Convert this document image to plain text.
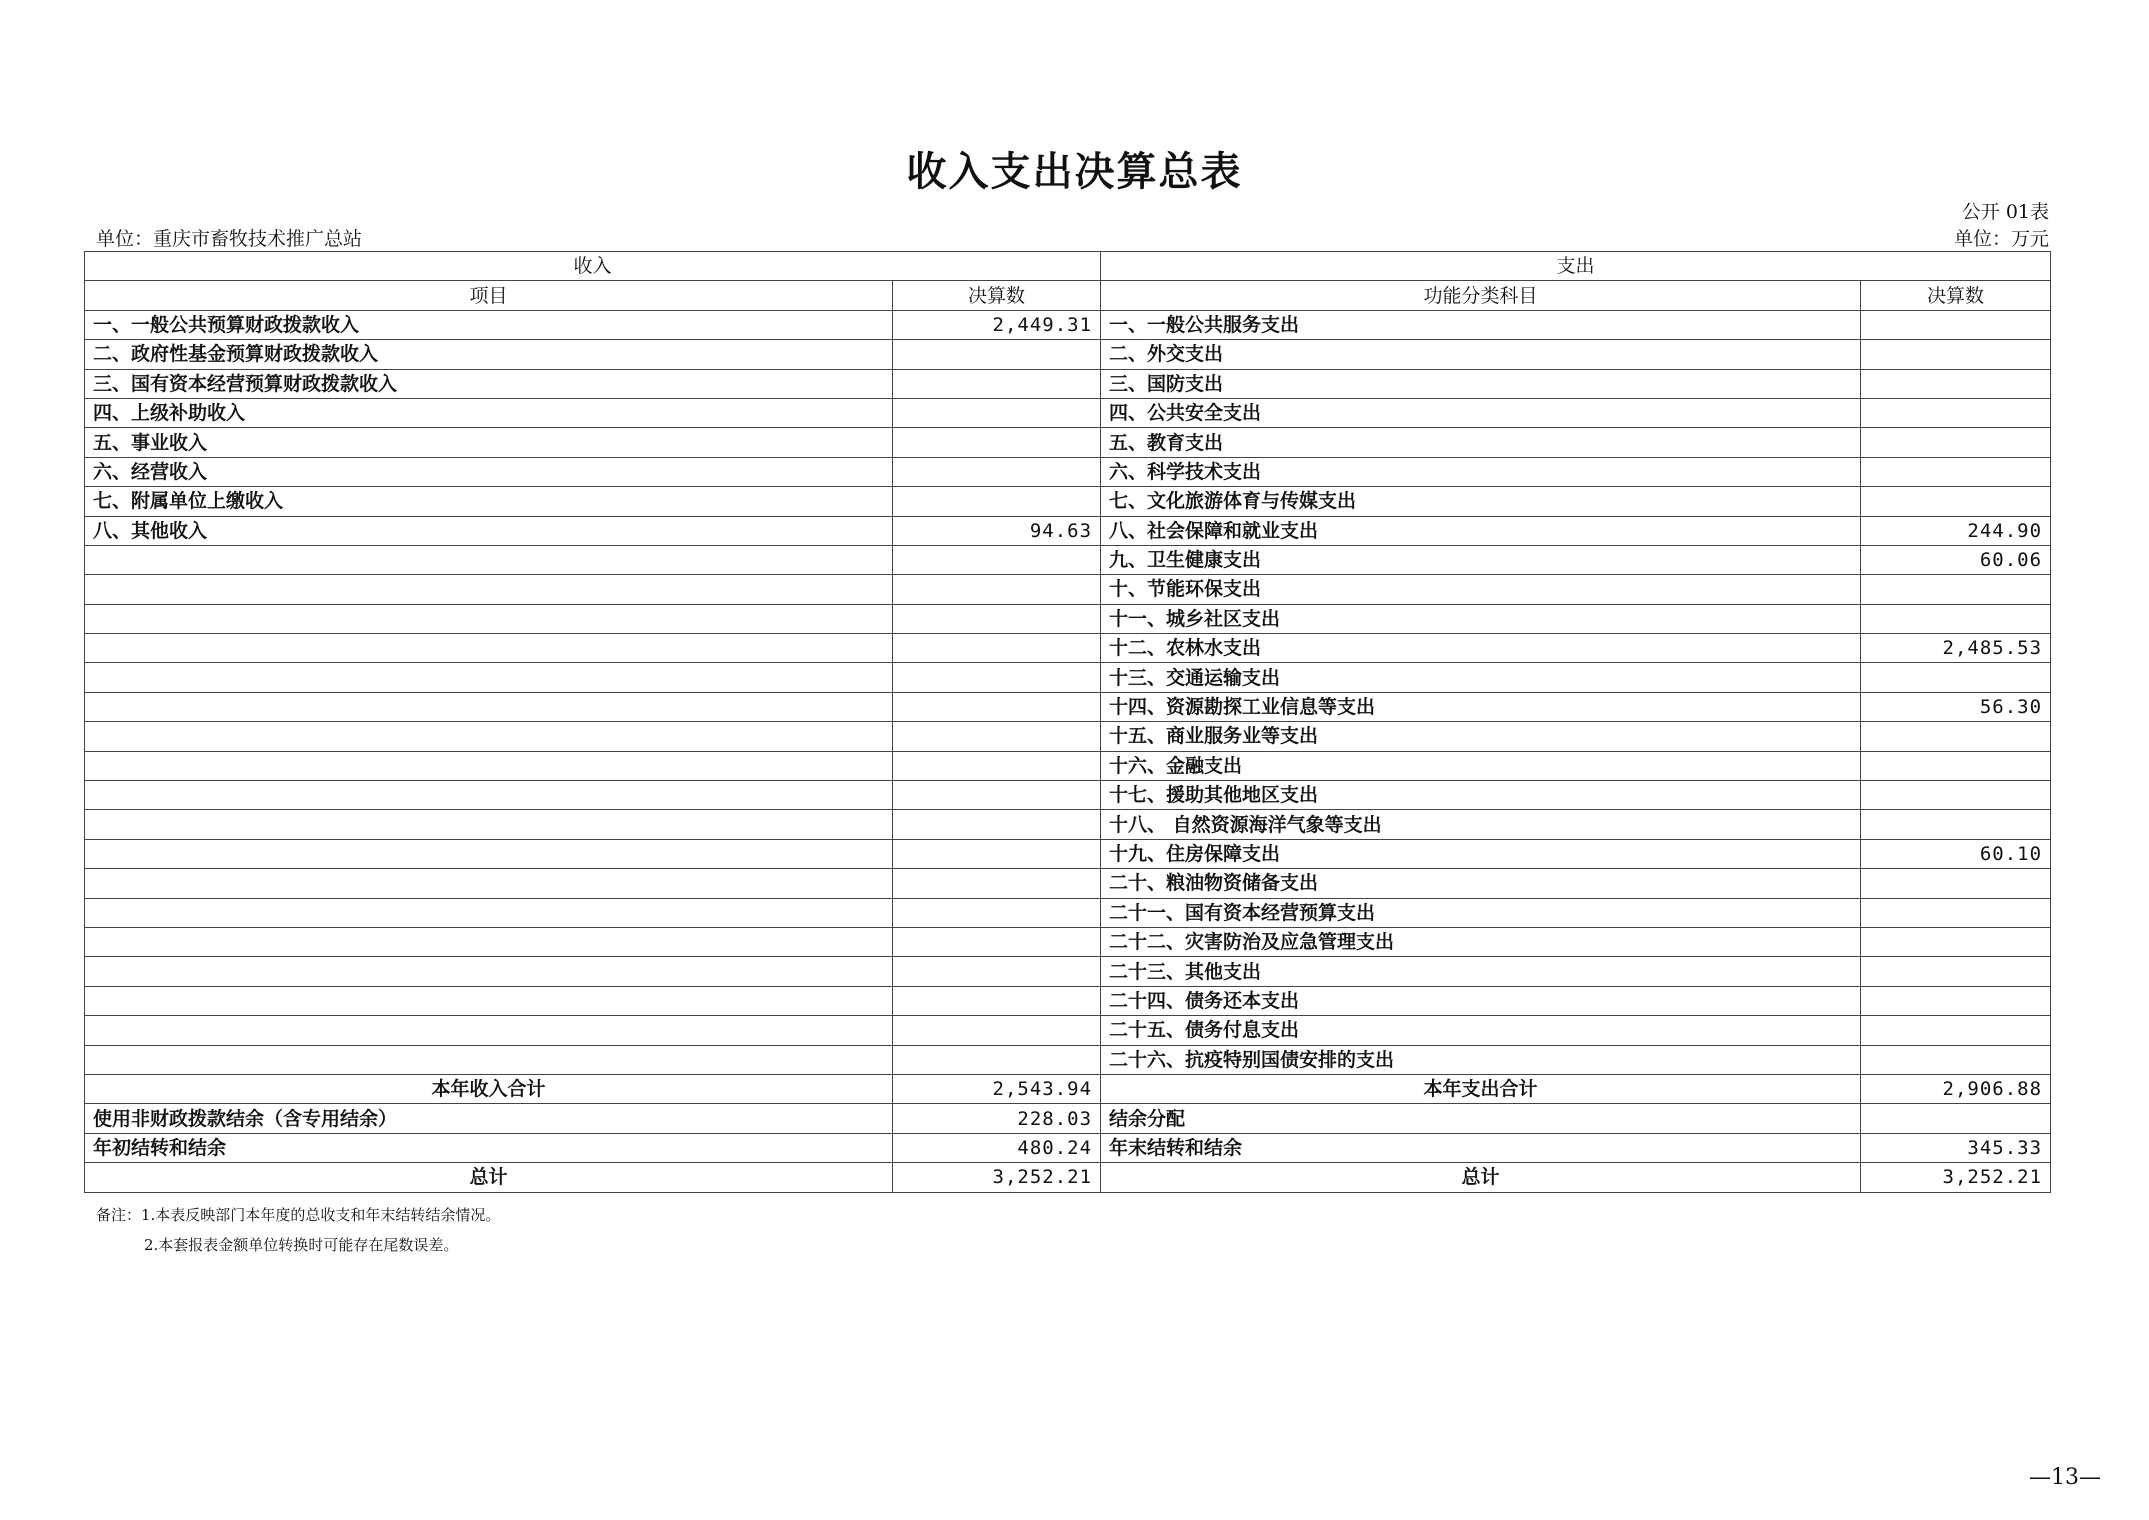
收入支出决算总表
公开 01表
单位：重庆市畜牧技术推广总站	单位：万元
收入		支出	
项目	决算数	功能分类科目	决算数
一、一般公共预算财政拨款收入	2,449.31	一、一般公共服务支出	
二、政府性基金预算财政拨款收入		二、外交支出	
三、国有资本经营预算财政拨款收入		三、国防支出	
四、上级补助收入		四、公共安全支出	
五、事业收入		五、教育支出	
六、经营收入		六、科学技术支出	
七、附属单位上缴收入		七、文化旅游体育与传媒支出	
八、其他收入	94.63	八、社会保障和就业支出	244.90
		九、卫生健康支出	60.06
		十、节能环保支出	
		十一、城乡社区支出	
		十二、农林水支出	2,485.53
		十三、交通运输支出	
		十四、资源勘探工业信息等支出	56.30
		十五、商业服务业等支出	
		十六、金融支出	
		十七、援助其他地区支出	
		十八、 自然资源海洋气象等支出	
		十九、住房保障支出	60.10
		二十、粮油物资储备支出	
		二十一、国有资本经营预算支出	
		二十二、灾害防治及应急管理支出	
		二十三、其他支出	
		二十四、债务还本支出	
		二十五、债务付息支出	
		二十六、抗疫特别国债安排的支出	
本年收入合计	2,543.94	本年支出合计	2,906.88
使用非财政拨款结余（含专用结余）	228.03	结余分配	
年初结转和结余	480.24	年末结转和结余	345.33
总计	3,252.21	总计	3,252.21
备注：1.本表反映部门本年度的总收支和年末结转结余情况。
2.本套报表金额单位转换时可能存在尾数误差。
—13—
